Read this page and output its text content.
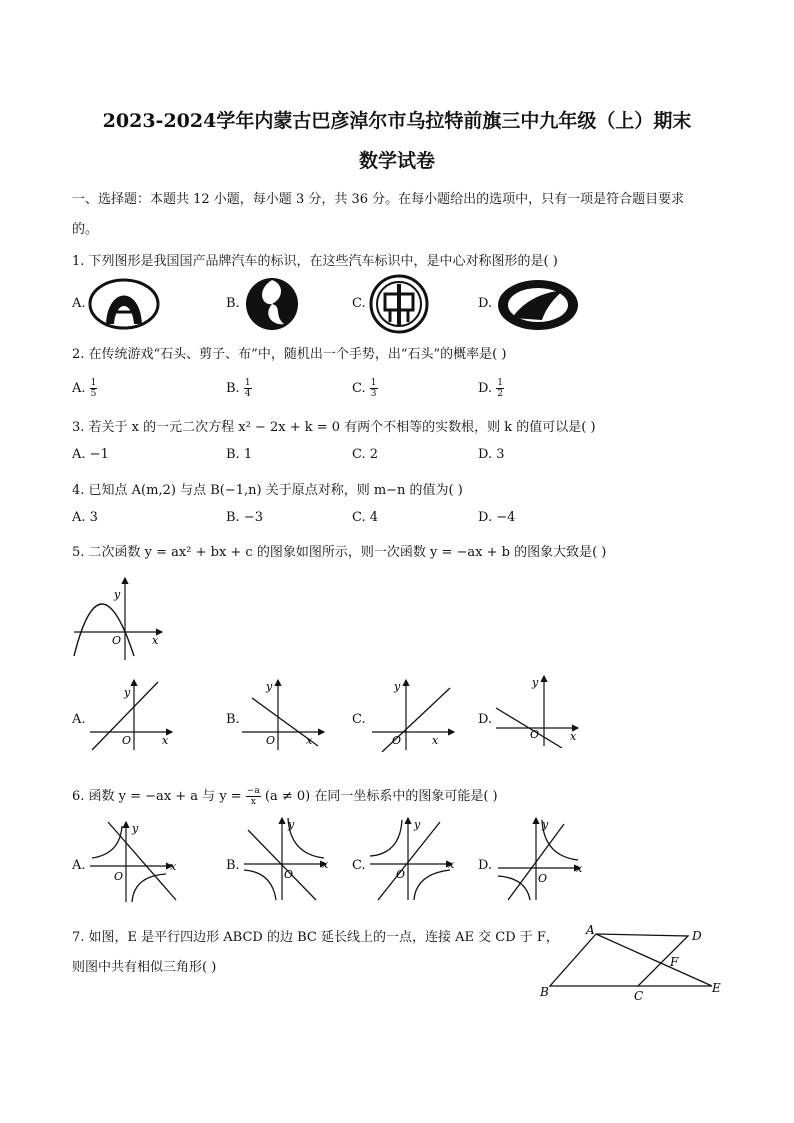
2023-2024学年内蒙古巴彦淖尔市乌拉特前旗三中九年级（上）期末
数学试卷
一、选择题：本题共 12 小题，每小题 3 分，共 36 分。在每小题给出的选项中，只有一项是符合题目要求
的。
1. 下列图形是我国国产品牌汽车的标识，在这些汽车标识中，是中心对称图形的是( )
A.	B.	C.	D.
2. 在传统游戏“石头、剪子、布”中，随机出一个手势，出“石头”的概率是( )
A. $\frac{1}{5}$	B. $\frac{1}{4}$	C. $\frac{1}{3}$	D. $\frac{1}{2}$
3. 若关于 x 的一元二次方程 x² − 2x + k = 0 有两个不相等的实数根，则 k 的值可以是( )
A. −1	B. 1	C. 2	D. 3
4. 已知点 A(m,2) 与点 B(−1,n) 关于原点对称，则 m−n 的值为( )
A. 3	B. −3	C. 4	D. −4
5. 二次函数 y = ax² + bx + c 的图象如图所示，则一次函数 y = −ax + b 的图象大致是( )
y
O	x
A.
y
O	x
B.
y
O	x
C.
y
O	x
D.
y
O	x
6. 函数 y = −ax + a 与 $y = \frac{-a}{x} (a \ne 0)$ 在同一坐标系中的图象可能是( )
A.
y
O
x	B.
y
O
x C.
y
O
x D.
y
O
x
7. 如图，E 是平行四边形 ABCD 的边 BC 延长线上的一点，连接 AE 交 CD 于 F，
则图中共有相似三角形( )
A	D
B	C
E
F
